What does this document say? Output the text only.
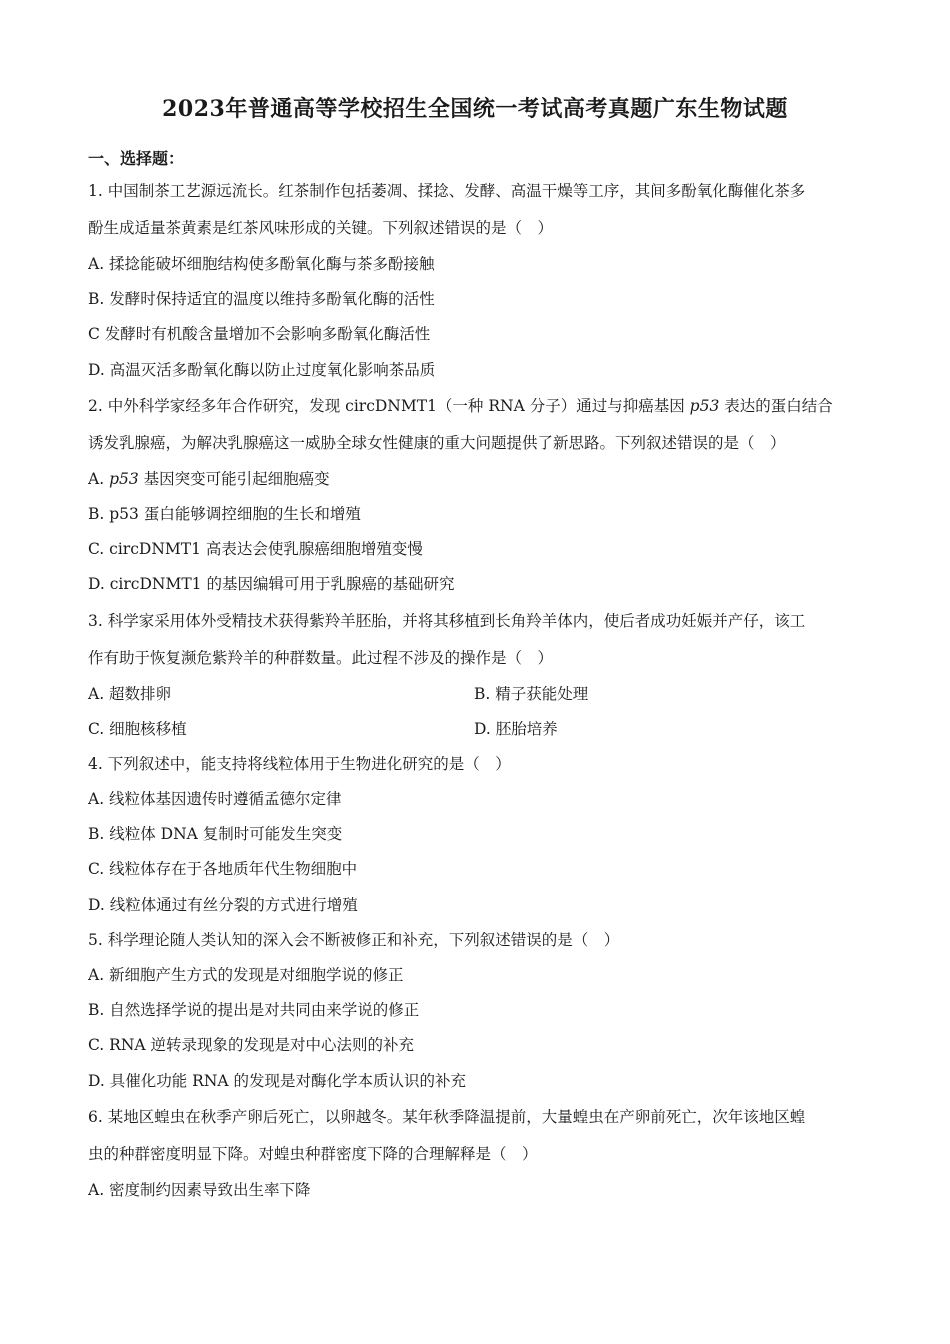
2023年普通高等学校招生全国统一考试高考真题广东生物试题
一、选择题：
1. 中国制茶工艺源远流长。红茶制作包括萎凋、揉捻、发酵、高温干燥等工序，其间多酚氧化酶催化茶多
酚生成适量茶黄素是红茶风味形成的关键。下列叙述错误的是（　）
A. 揉捻能破坏细胞结构使多酚氧化酶与茶多酚接触
B. 发酵时保持适宜的温度以维持多酚氧化酶的活性
C 发酵时有机酸含量增加不会影响多酚氧化酶活性
D. 高温灭活多酚氧化酶以防止过度氧化影响茶品质
2. 中外科学家经多年合作研究，发现 circDNMT1（一种 RNA 分子）通过与抑癌基因 p53 表达的蛋白结合
诱发乳腺癌，为解决乳腺癌这一威胁全球女性健康的重大问题提供了新思路。下列叙述错误的是（　）
A. p53 基因突变可能引起细胞癌变
B. p53 蛋白能够调控细胞的生长和增殖
C. circDNMT1 高表达会使乳腺癌细胞增殖变慢
D. circDNMT1 的基因编辑可用于乳腺癌的基础研究
3. 科学家采用体外受精技术获得紫羚羊胚胎，并将其移植到长角羚羊体内，使后者成功妊娠并产仔，该工
作有助于恢复濒危紫羚羊的种群数量。此过程不涉及的操作是（　）
A. 超数排卵	B. 精子获能处理
C. 细胞核移植	D. 胚胎培养
4. 下列叙述中，能支持将线粒体用于生物进化研究的是（　）
A. 线粒体基因遗传时遵循孟德尔定律
B. 线粒体 DNA 复制时可能发生突变
C. 线粒体存在于各地质年代生物细胞中
D. 线粒体通过有丝分裂的方式进行增殖
5. 科学理论随人类认知的深入会不断被修正和补充，下列叙述错误的是（　）
A. 新细胞产生方式的发现是对细胞学说的修正
B. 自然选择学说的提出是对共同由来学说的修正
C. RNA 逆转录现象的发现是对中心法则的补充
D. 具催化功能 RNA 的发现是对酶化学本质认识的补充
6. 某地区蝗虫在秋季产卵后死亡，以卵越冬。某年秋季降温提前，大量蝗虫在产卵前死亡，次年该地区蝗
虫的种群密度明显下降。对蝗虫种群密度下降的合理解释是（　）
A. 密度制约因素导致出生率下降
